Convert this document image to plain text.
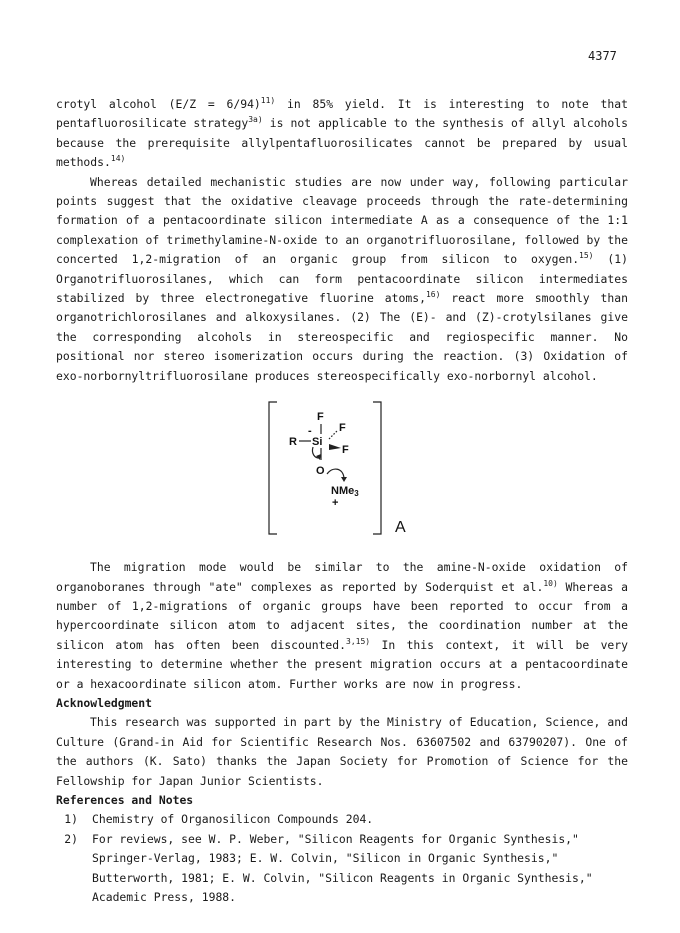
4377

crotyl alcohol (E/Z = 6/94)$^{11)}$ in 85% yield. It is interesting to note that pentafluorosilicate strategy$^{3a)}$ is not applicable to the synthesis of allyl alcohols because the prerequisite allylpentafluorosilicates cannot be prepared by usual methods.$^{14)}$

Whereas detailed mechanistic studies are now under way, following particular points suggest that the oxidative cleavage proceeds through the rate-determining formation of a pentacoordinate silicon intermediate A as a consequence of the 1:1 complexation of trimethylamine-N-oxide to an organotrifluorosilane, followed by the concerted 1,2-migration of an organic group from silicon to oxygen.$^{15)}$ (1) Organotrifluorosilanes, which can form pentacoordinate silicon intermediates stabilized by three electronegative fluorine atoms,$^{16)}$ react more smoothly than organotrichlorosilanes and alkoxysilanes. (2) The (E)- and (Z)-crotylsilanes give the corresponding alcohols in stereospecific and regiospecific manner. No positional nor stereo isomerization occurs during the reaction. (3) Oxidation of exo-norbornyltrifluorosilane produces stereospecifically exo-norbornyl alcohol.

F
F
F
R Si
-
O
NMe3
+
A

The migration mode would be similar to the amine-N-oxide oxidation of organoboranes through "ate" complexes as reported by Soderquist et al.$^{10)}$ Whereas a number of 1,2-migrations of organic groups have been reported to occur from a hypercoordinate silicon atom to adjacent sites, the coordination number at the silicon atom has often been discounted.$^{3,15)}$ In this context, it will be very interesting to determine whether the present migration occurs at a pentacoordinate or a hexacoordinate silicon atom. Further works are now in progress.

Acknowledgment

This research was supported in part by the Ministry of Education, Science, and Culture (Grand-in Aid for Scientific Research Nos. 63607502 and 63790207). One of the authors (K. Sato) thanks the Japan Society for Promotion of Science for the Fellowship for Japan Junior Scientists.

References and Notes

1) Chemistry of Organosilicon Compounds 204.
2) For reviews, see W. P. Weber, "Silicon Reagents for Organic Synthesis," Springer-Verlag, 1983; E. W. Colvin, "Silicon in Organic Synthesis," Butterworth, 1981; E. W. Colvin, "Silicon Reagents in Organic Synthesis," Academic Press, 1988.
